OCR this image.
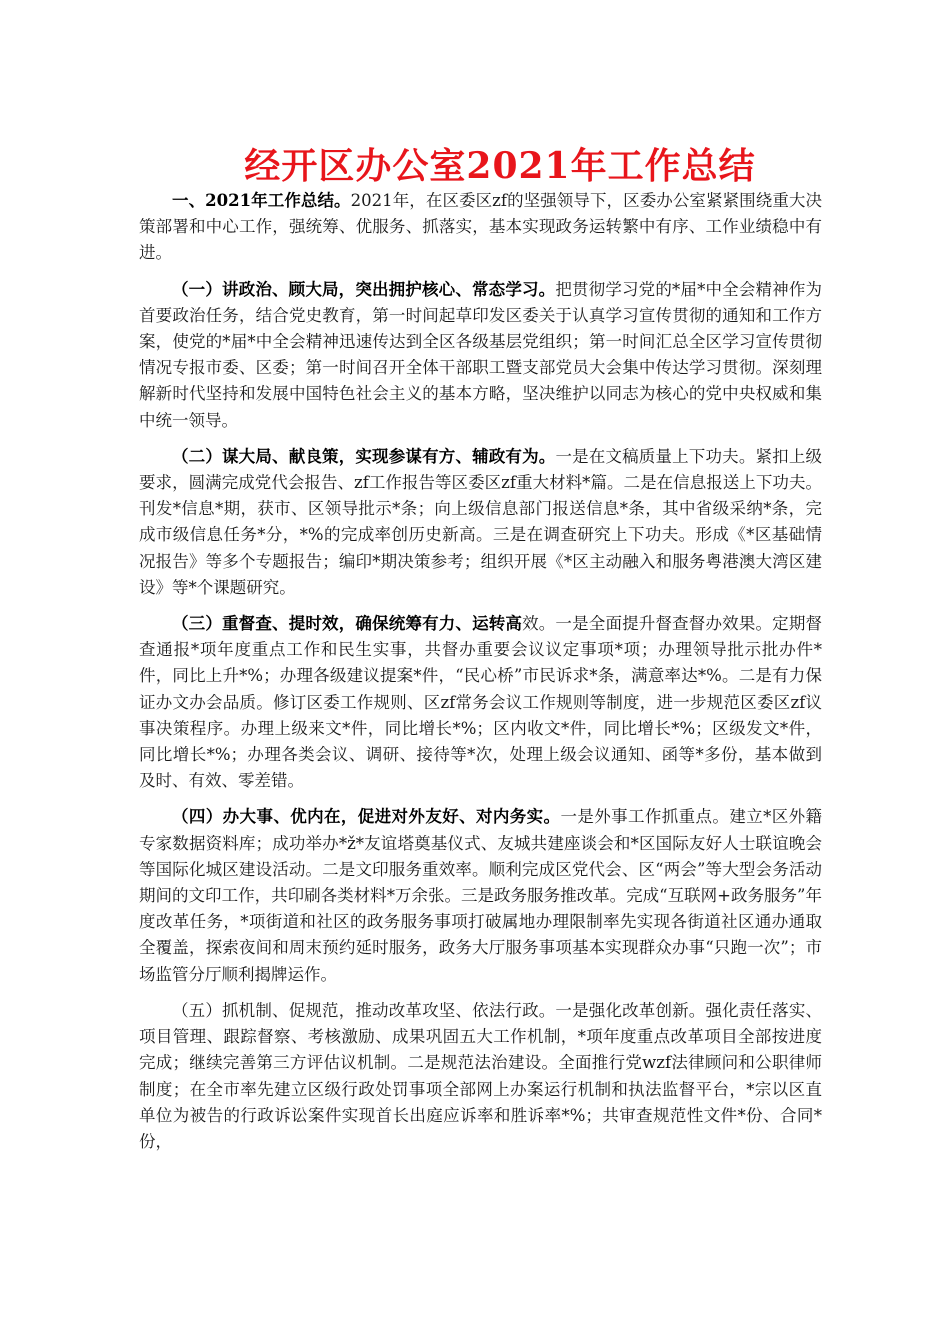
经开区办公室2021年工作总结

一、2021年工作总结。2021年，在区委区zf的坚强领导下，区委办公室紧紧围绕重大决策部署和中心工作，强统筹、优服务、抓落实，基本实现政务运转繁中有序、工作业绩稳中有进。

（一）讲政治、顾大局，突出拥护核心、常态学习。把贯彻学习党的*届*中全会精神作为首要政治任务，结合党史教育，第一时间起草印发区委关于认真学习宣传贯彻的通知和工作方案，使党的*届*中全会精神迅速传达到全区各级基层党组织；第一时间汇总全区学习宣传贯彻情况专报市委、区委；第一时间召开全体干部职工暨支部党员大会集中传达学习贯彻。深刻理解新时代坚持和发展中国特色社会主义的基本方略，坚决维护以同志为核心的党中央权威和集中统一领导。

（二）谋大局、献良策，实现参谋有方、辅政有为。一是在文稿质量上下功夫。紧扣上级要求，圆满完成党代会报告、zf工作报告等区委区zf重大材料*篇。二是在信息报送上下功夫。刊发*信息*期，获市、区领导批示*条；向上级信息部门报送信息*条，其中省级采纳*条，完成市级信息任务*分，*%的完成率创历史新高。三是在调查研究上下功夫。形成《*区基础情况报告》等多个专题报告；编印*期决策参考；组织开展《*区主动融入和服务粤港澳大湾区建设》等*个课题研究。

（三）重督查、提时效，确保统筹有力、运转高效。一是全面提升督查督办效果。定期督查通报*项年度重点工作和民生实事，共督办重要会议议定事项*项；办理领导批示批办件*件，同比上升*%；办理各级建议提案*件，“民心桥”市民诉求*条，满意率达*%。二是有力保证办文办会品质。修订区委工作规则、区zf常务会议工作规则等制度，进一步规范区委区zf议事决策程序。办理上级来文*件，同比增长*%；区内收文*件，同比增长*%；区级发文*件，同比增长*%；办理各类会议、调研、接待等*次，处理上级会议通知、函等*多份，基本做到及时、有效、零差错。

（四）办大事、优内在，促进对外友好、对内务实。一是外事工作抓重点。建立*区外籍专家数据资料库；成功举办*ž*友谊塔奠基仪式、友城共建座谈会和*区国际友好人士联谊晚会等国际化城区建设活动。二是文印服务重效率。顺利完成区党代会、区“两会”等大型会务活动期间的文印工作，共印刷各类材料*万余张。三是政务服务推改革。完成“互联网+政务服务”年度改革任务，*项街道和社区的政务服务事项打破属地办理限制率先实现各街道社区通办通取全覆盖，探索夜间和周末预约延时服务，政务大厅服务事项基本实现群众办事“只跑一次”；市场监管分厅顺利揭牌运作。

（五）抓机制、促规范，推动改革攻坚、依法行政。一是强化改革创新。强化责任落实、项目管理、跟踪督察、考核激励、成果巩固五大工作机制，*项年度重点改革项目全部按进度完成；继续完善第三方评估议机制。二是规范法治建设。全面推行党wzf法律顾问和公职律师制度；在全市率先建立区级行政处罚事项全部网上办案运行机制和执法监督平台，*宗以区直单位为被告的行政诉讼案件实现首长出庭应诉率和胜诉率*%；共审查规范性文件*份、合同*份，
